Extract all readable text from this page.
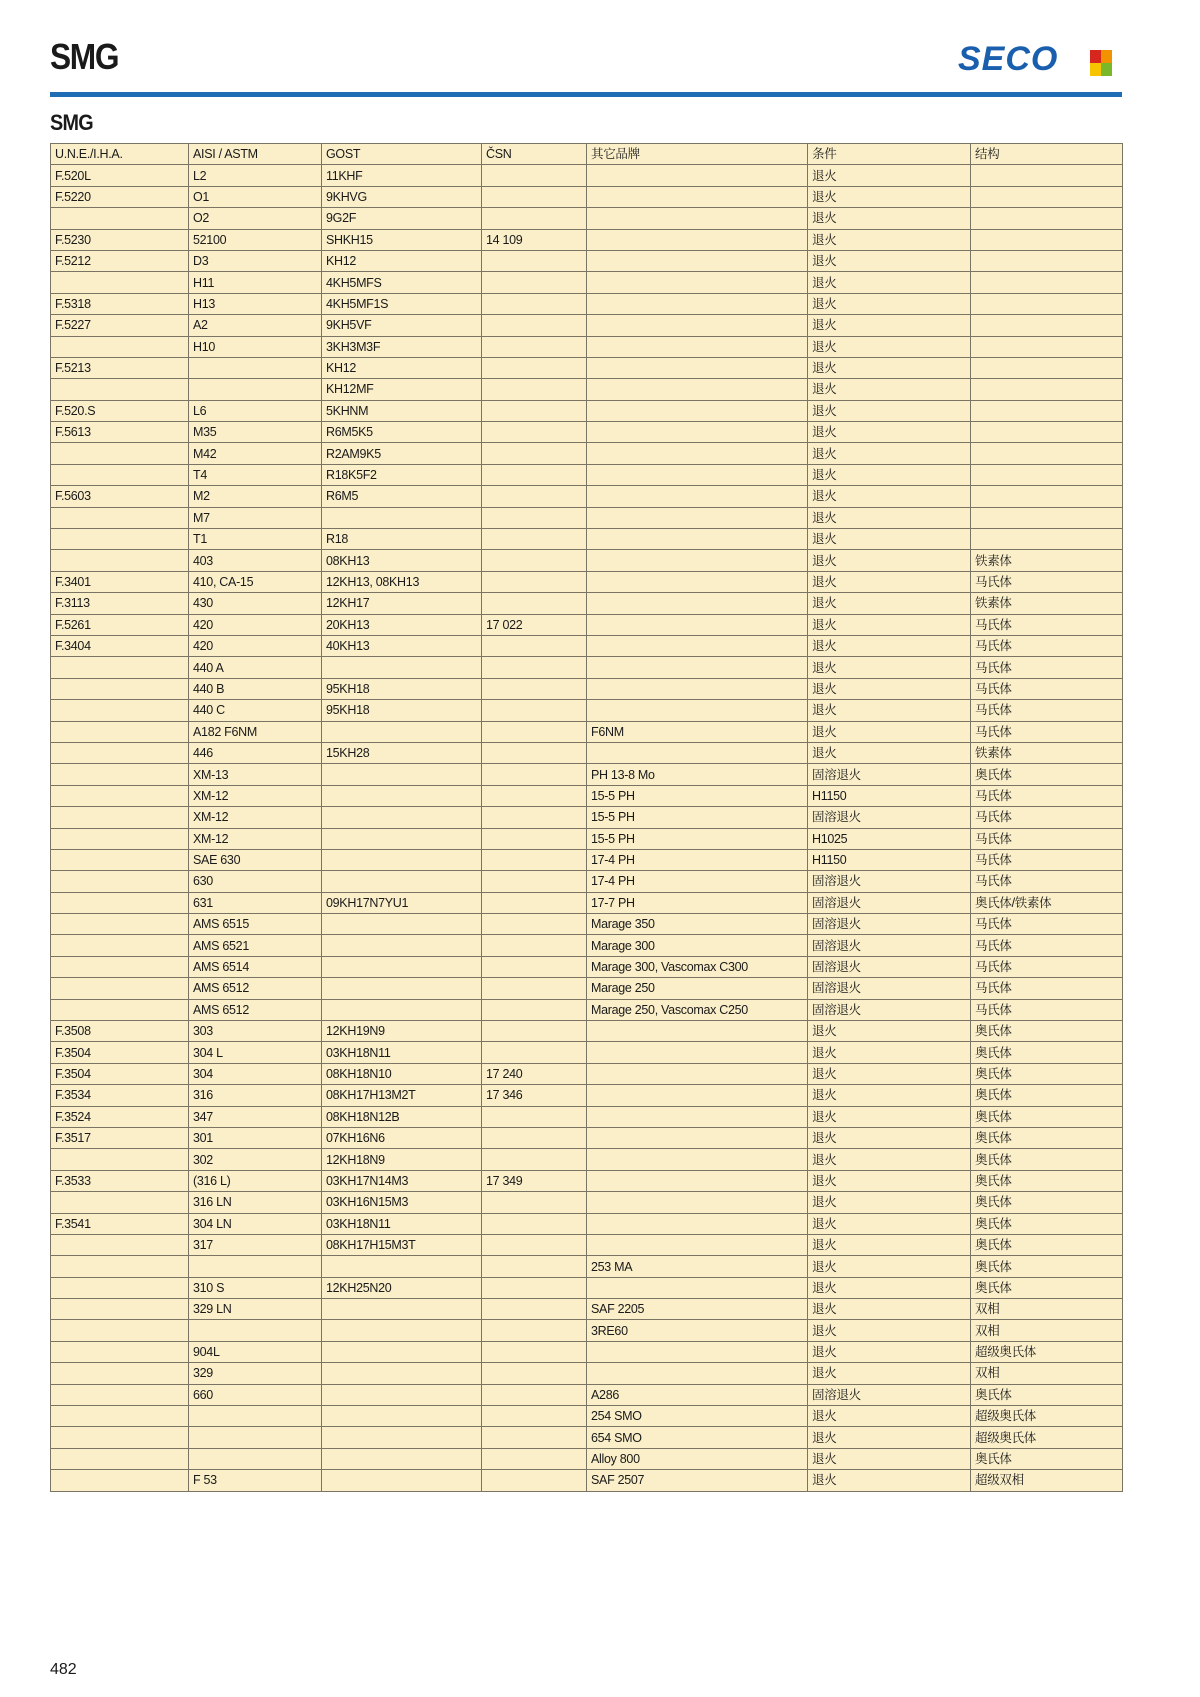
SMG	SECO
SMG
U.N.E./I.H.A.	AISI / ASTM	GOST	ČSN	其它品牌	条件	结构
F.520L	L2	11KHF			退火	
F.5220	O1	9KHVG			退火	
	O2	9G2F			退火	
F.5230	52100	SHKH15	14 109		退火	
F.5212	D3	KH12			退火	
	H11	4KH5MFS			退火	
F.5318	H13	4KH5MF1S			退火	
F.5227	A2	9KH5VF			退火	
	H10	3KH3M3F			退火	
F.5213		KH12			退火	
		KH12MF			退火	
F.520.S	L6	5KHNM			退火	
F.5613	M35	R6M5K5			退火	
	M42	R2AM9K5			退火	
	T4	R18K5F2			退火	
F.5603	M2	R6M5			退火	
	M7				退火	
	T1	R18			退火	
	403	08KH13			退火	铁素体
F.3401	410, CA-15	12KH13, 08KH13			退火	马氏体
F.3113	430	12KH17			退火	铁素体
F.5261	420	20KH13	17 022		退火	马氏体
F.3404	420	40KH13			退火	马氏体
	440 A				退火	马氏体
	440 B	95KH18			退火	马氏体
	440 C	95KH18			退火	马氏体
	A182 F6NM			F6NM	退火	马氏体
	446	15KH28			退火	铁素体
	XM-13			PH 13-8 Mo	固溶退火	奥氏体
	XM-12			15-5 PH	H1150	马氏体
	XM-12			15-5 PH	固溶退火	马氏体
	XM-12			15-5 PH	H1025	马氏体
	SAE 630			17-4 PH	H1150	马氏体
	630			17-4 PH	固溶退火	马氏体
	631	09KH17N7YU1		17-7 PH	固溶退火	奥氏体/铁素体
	AMS 6515			Marage 350	固溶退火	马氏体
	AMS 6521			Marage 300	固溶退火	马氏体
	AMS 6514			Marage 300, Vascomax C300	固溶退火	马氏体
	AMS 6512			Marage 250	固溶退火	马氏体
	AMS 6512			Marage 250, Vascomax C250	固溶退火	马氏体
F.3508	303	12KH19N9			退火	奥氏体
F.3504	304 L	03KH18N11			退火	奥氏体
F.3504	304	08KH18N10	17 240		退火	奥氏体
F.3534	316	08KH17H13M2T	17 346		退火	奥氏体
F.3524	347	08KH18N12B			退火	奥氏体
F.3517	301	07KH16N6			退火	奥氏体
	302	12KH18N9			退火	奥氏体
F.3533	(316 L)	03KH17N14M3	17 349		退火	奥氏体
	316 LN	03KH16N15M3			退火	奥氏体
F.3541	304 LN	03KH18N11			退火	奥氏体
	317	08KH17H15M3T			退火	奥氏体
				253 MA	退火	奥氏体
	310 S	12KH25N20			退火	奥氏体
	329 LN			SAF 2205	退火	双相
				3RE60	退火	双相
	904L				退火	超级奥氏体
	329				退火	双相
	660			A286	固溶退火	奥氏体
				254 SMO	退火	超级奥氏体
				654 SMO	退火	超级奥氏体
				Alloy 800	退火	奥氏体
	F 53			SAF 2507	退火	超级双相
482
